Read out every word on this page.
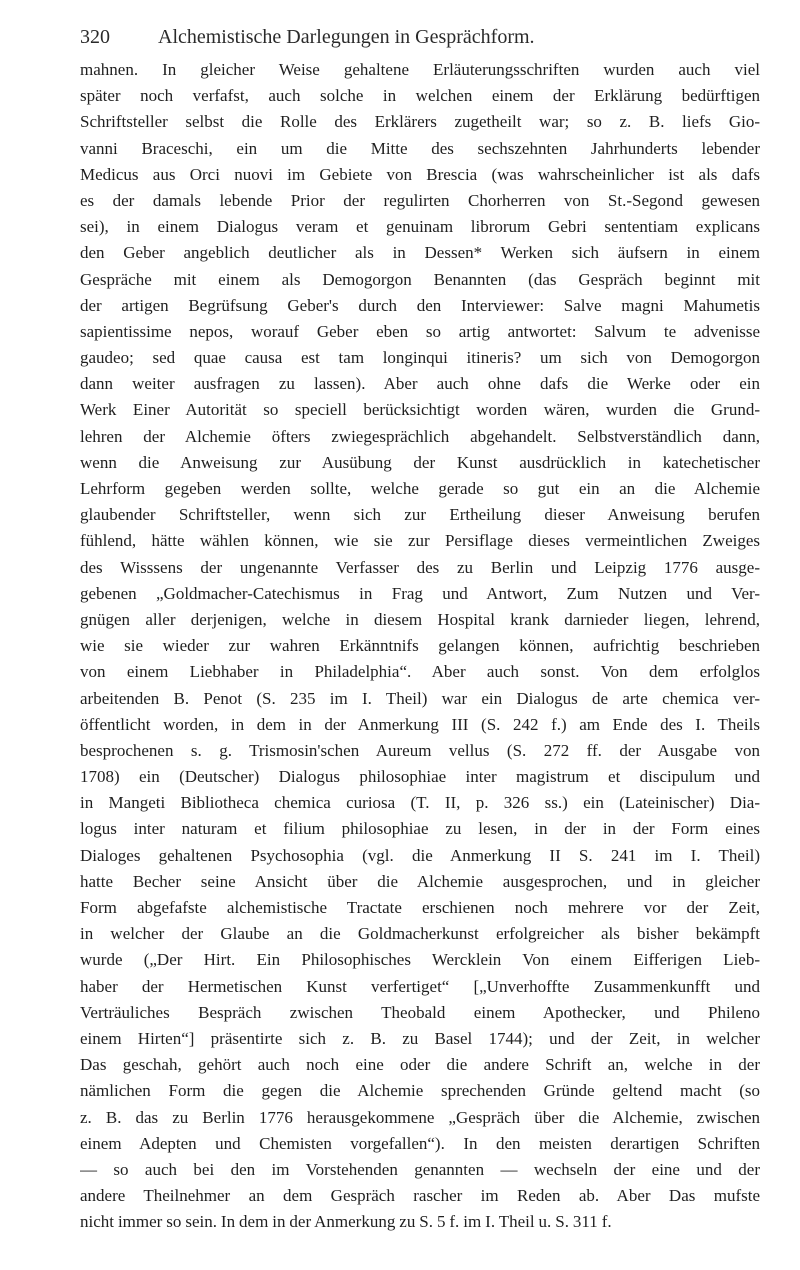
320 Alchemistische Darlegungen in Gesprächform.
mahnen. In gleicher Weise gehaltene Erläuterungsschriften wurden auch viel
später noch verfafst, auch solche in welchen einem der Erklärung bedürftigen
Schriftsteller selbst die Rolle des Erklärers zugetheilt war; so z. B. liefs Gio-
vanni Braceschi, ein um die Mitte des sechszehnten Jahrhunderts lebender
Medicus aus Orci nuovi im Gebiete von Brescia (was wahrscheinlicher ist als dafs
es der damals lebende Prior der regulirten Chorherren von St.-Segond gewesen
sei), in einem Dialogus veram et genuinam librorum Gebri sententiam explicans
den Geber angeblich deutlicher als in Dessen* Werken sich äufsern in einem
Gespräche mit einem als Demogorgon Benannten (das Gespräch beginnt mit
der artigen Begrüfsung Geber's durch den Interviewer: Salve magni Mahumetis
sapientissime nepos, worauf Geber eben so artig antwortet: Salvum te advenisse
gaudeo; sed quae causa est tam longinqui itineris? um sich von Demogorgon
dann weiter ausfragen zu lassen). Aber auch ohne dafs die Werke oder ein
Werk Einer Autorität so speciell berücksichtigt worden wären, wurden die Grund-
lehren der Alchemie öfters zwiegesprächlich abgehandelt. Selbstverständlich dann,
wenn die Anweisung zur Ausübung der Kunst ausdrücklich in katechetischer
Lehrform gegeben werden sollte, welche gerade so gut ein an die Alchemie
glaubender Schriftsteller, wenn sich zur Ertheilung dieser Anweisung berufen
fühlend, hätte wählen können, wie sie zur Persiflage dieses vermeintlichen Zweiges
des Wisssens der ungenannte Verfasser des zu Berlin und Leipzig 1776 ausge-
gebenen „Goldmacher-Catechismus in Frag und Antwort, Zum Nutzen und Ver-
gnügen aller derjenigen, welche in diesem Hospital krank darnieder liegen, lehrend,
wie sie wieder zur wahren Erkänntnifs gelangen können, aufrichtig beschrieben
von einem Liebhaber in Philadelphia“. Aber auch sonst. Von dem erfolglos
arbeitenden B. Penot (S. 235 im I. Theil) war ein Dialogus de arte chemica ver-
öffentlicht worden, in dem in der Anmerkung III (S. 242 f.) am Ende des I. Theils
besprochenen s. g. Trismosin'schen Aureum vellus (S. 272 ff. der Ausgabe von
1708) ein (Deutscher) Dialogus philosophiae inter magistrum et discipulum und
in Mangeti Bibliotheca chemica curiosa (T. II, p. 326 ss.) ein (Lateinischer) Dia-
logus inter naturam et filium philosophiae zu lesen, in der in der Form eines
Dialoges gehaltenen Psychosophia (vgl. die Anmerkung II S. 241 im I. Theil)
hatte Becher seine Ansicht über die Alchemie ausgesprochen, und in gleicher
Form abgefafste alchemistische Tractate erschienen noch mehrere vor der Zeit,
in welcher der Glaube an die Goldmacherkunst erfolgreicher als bisher bekämpft
wurde („Der Hirt. Ein Philosophisches Wercklein Von einem Eifferigen Lieb-
haber der Hermetischen Kunst verfertiget“ [„Unverhoffte Zusammenkunfft und
Verträuliches Bespräch zwischen Theobald einem Apothecker, und Phileno
einem Hirten“] präsentirte sich z. B. zu Basel 1744); und der Zeit, in welcher
Das geschah, gehört auch noch eine oder die andere Schrift an, welche in der
nämlichen Form die gegen die Alchemie sprechenden Gründe geltend macht (so
z. B. das zu Berlin 1776 herausgekommene „Gespräch über die Alchemie, zwischen
einem Adepten und Chemisten vorgefallen“). In den meisten derartigen Schriften
— so auch bei den im Vorstehenden genannten — wechseln der eine und der
andere Theilnehmer an dem Gespräch rascher im Reden ab. Aber Das mufste
nicht immer so sein. In dem in der Anmerkung zu S. 5 f. im I. Theil u. S. 311 f.
